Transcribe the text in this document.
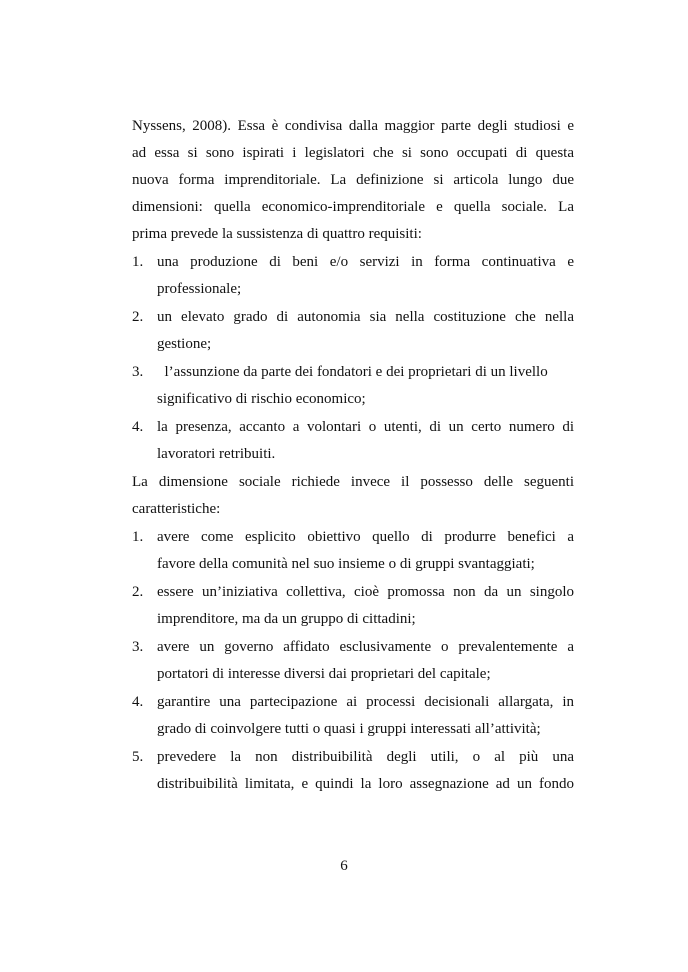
Nyssens, 2008). Essa è condivisa dalla maggior parte degli studiosi e
ad essa si sono ispirati i legislatori che si sono occupati di questa
nuova forma imprenditoriale. La definizione si articola lungo due
dimensioni: quella economico-imprenditoriale e quella sociale. La
prima prevede la sussistenza di quattro requisiti:
1. una produzione di beni e/o servizi in forma continuativa e
professionale;
2. un elevato grado di autonomia sia nella costituzione che nella
gestione;
3. l’assunzione da parte dei fondatori e dei proprietari di un livello
significativo di rischio economico;
4. la presenza, accanto a volontari o utenti, di un certo numero di
lavoratori retribuiti.
La dimensione sociale richiede invece il possesso delle seguenti
caratteristiche:
1. avere come esplicito obiettivo quello di produrre benefici a
favore della comunità nel suo insieme o di gruppi svantaggiati;
2. essere un’iniziativa collettiva, cioè promossa non da un singolo
imprenditore, ma da un gruppo di cittadini;
3. avere un governo affidato esclusivamente o prevalentemente a
portatori di interesse diversi dai proprietari del capitale;
4. garantire una partecipazione ai processi decisionali allargata, in
grado di coinvolgere tutti o quasi i gruppi interessati all’attività;
5. prevedere la non distribuibilità degli utili, o al più una
distribuibilità limitata, e quindi la loro assegnazione ad un fondo
6
